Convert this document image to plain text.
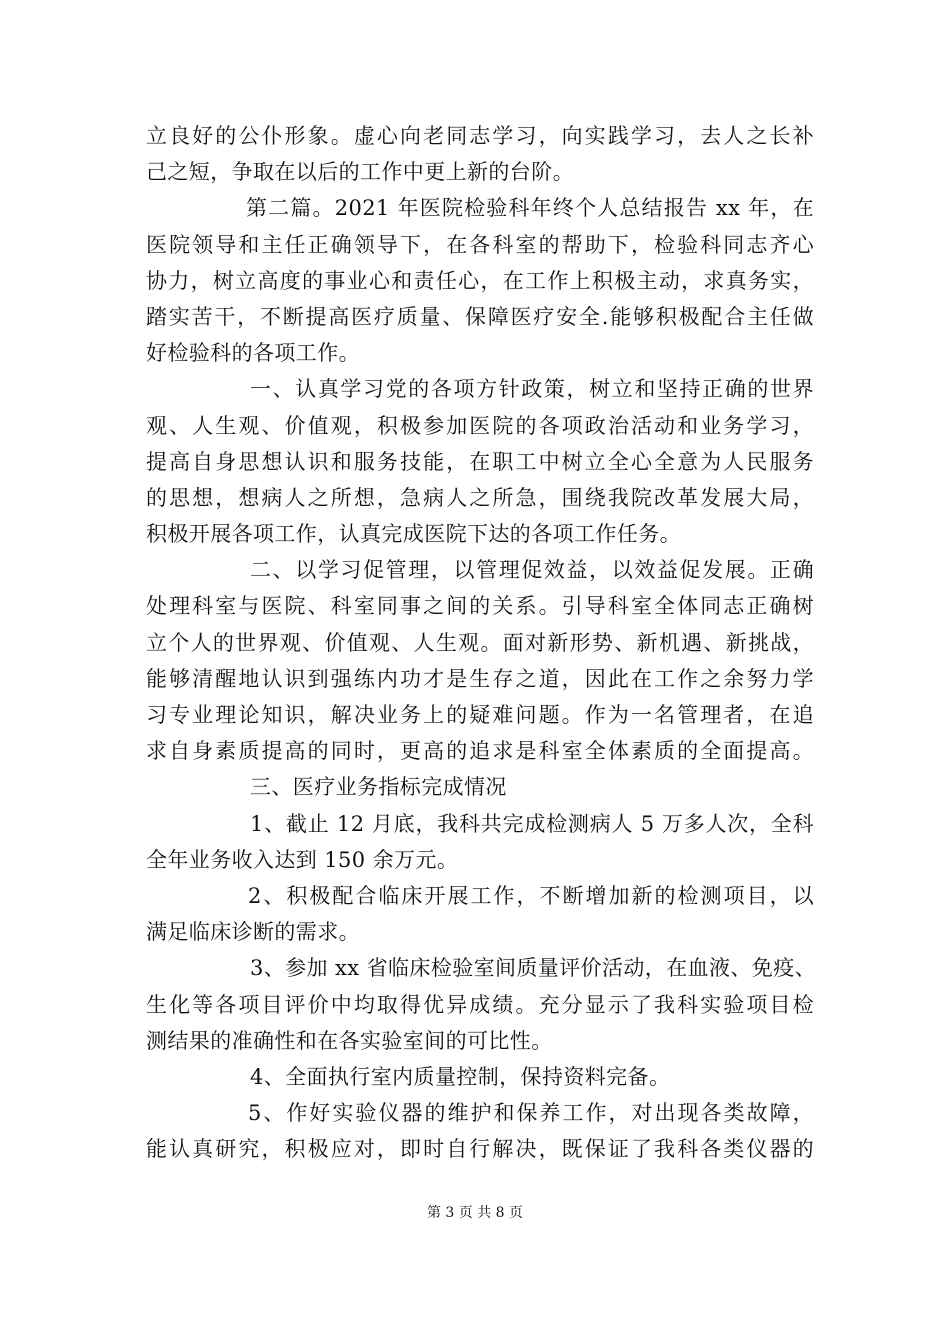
立良好的公仆形象。虚心向老同志学习，向实践学习，去人之长补
己之短，争取在以后的工作中更上新的台阶。
第二篇。2021 年医院检验科年终个人总结报告 xx 年，在
医院领导和主任正确领导下，在各科室的帮助下，检验科同志齐心
协力，树立高度的事业心和责任心，在工作上积极主动，求真务实，
踏实苦干，不断提高医疗质量、保障医疗安全.能够积极配合主任做
好检验科的各项工作。
一、认真学习党的各项方针政策，树立和坚持正确的世界
观、人生观、价值观，积极参加医院的各项政治活动和业务学习，
提高自身思想认识和服务技能，在职工中树立全心全意为人民服务
的思想，想病人之所想，急病人之所急，围绕我院改革发展大局，
积极开展各项工作，认真完成医院下达的各项工作任务。
二、以学习促管理，以管理促效益，以效益促发展。正确
处理科室与医院、科室同事之间的关系。引导科室全体同志正确树
立个人的世界观、价值观、人生观。面对新形势、新机遇、新挑战，
能够清醒地认识到强练内功才是生存之道，因此在工作之余努力学
习专业理论知识，解决业务上的疑难问题。作为一名管理者，在追
求自身素质提高的同时，更高的追求是科室全体素质的全面提高。
三、医疗业务指标完成情况
1、截止 12 月底，我科共完成检测病人 5 万多人次，全科
全年业务收入达到 150 余万元。
2、积极配合临床开展工作，不断增加新的检测项目，以
满足临床诊断的需求。
3、参加 xx 省临床检验室间质量评价活动，在血液、免疫、
生化等各项目评价中均取得优异成绩。充分显示了我科实验项目检
测结果的准确性和在各实验室间的可比性。
4、全面执行室内质量控制，保持资料完备。
5、作好实验仪器的维护和保养工作，对出现各类故障，
能认真研究，积极应对，即时自行解决，既保证了我科各类仪器的
第 3 页 共 8 页
